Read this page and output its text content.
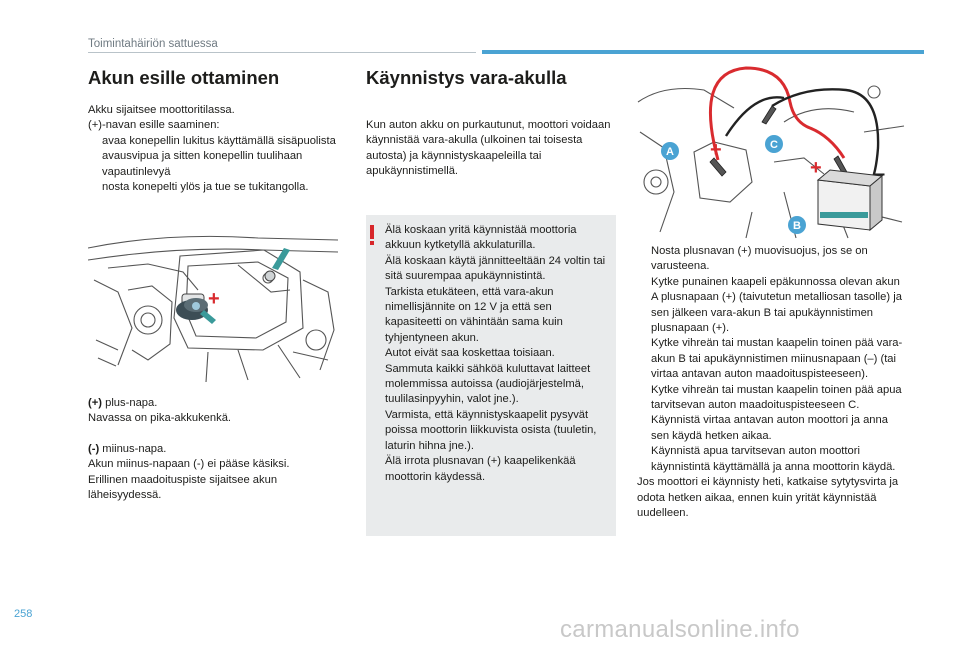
Toimintahäiriön sattuessa
Akun esille ottaminen

Akku sijaitsee moottoritilassa.

(+)-navan esille saaminen:

avaa konepellin lukitus käyttämällä sisäpuolista avausvipua ja sitten konepellin tuulihaan vapautinlevyä
nosta konepelti ylös ja tue se tukitangolla.
+

(+) plus-napa.

Navassa on pika-akkukenkä.

(-) miinus-napa.

Akun miinus-napaan (-) ei pääse käsiksi.

Erillinen maadoituspiste sijaitsee akun läheisyydessä.

Käynnistys vara-akulla
Kun auton akku on purkautunut, moottori voidaan käynnistää vara-akulla (ulkoinen tai toisesta autosta) ja käynnistyskaapeleilla tai apukäynnistimellä.

Älä koskaan yritä käynnistää moottoria akkuun kytketyllä akkulaturilla.

Älä koskaan käytä jännitteeltään 24 voltin tai sitä suurempaa apukäynnistintä.

Tarkista etukäteen, että vara-akun nimellisjännite on 12 V ja että sen kapasiteetti on vähintään sama kuin tyhjentyneen akun.

Autot eivät saa koskettaa toisiaan.

Sammuta kaikki sähköä kuluttavat laitteet molemmissa autoissa (audiojärjestelmä, tuulilasinpyyhin, valot jne.).

Varmista, että käynnistyskaapelit pysyvät poissa moottorin liikkuvista osista (tuuletin, laturin hihna jne.).

Älä irrota plusnavan (+) kaapelikenkää moottorin käydessä.

A
C
B
+
+	–
Nosta plusnavan (+) muovisuojus, jos se on varusteena.
Kytke punainen kaapeli epäkunnossa olevan akun A plusnapaan (+) (taivutetun metalliosan tasolle) ja sen jälkeen vara-akun B tai apukäynnistimen plusnapaan (+).
Kytke vihreän tai mustan kaapelin toinen pää vara-akun B tai apukäynnistimen miinusnapaan (–) (tai virtaa antavan auton maadoituspisteeseen).
Kytke vihreän tai mustan kaapelin toinen pää apua tarvitsevan auton maadoituspisteeseen C.
Käynnistä virtaa antavan auton moottori ja anna sen käydä hetken aikaa.
Käynnistä apua tarvitsevan auton moottori käynnistintä käyttämällä ja anna moottorin käydä.

Jos moottori ei käynnisty heti, katkaise sytytysvirta ja odota hetken aikaa, ennen kuin yrität käynnistää uudelleen.

258
carmanualsonline.info
